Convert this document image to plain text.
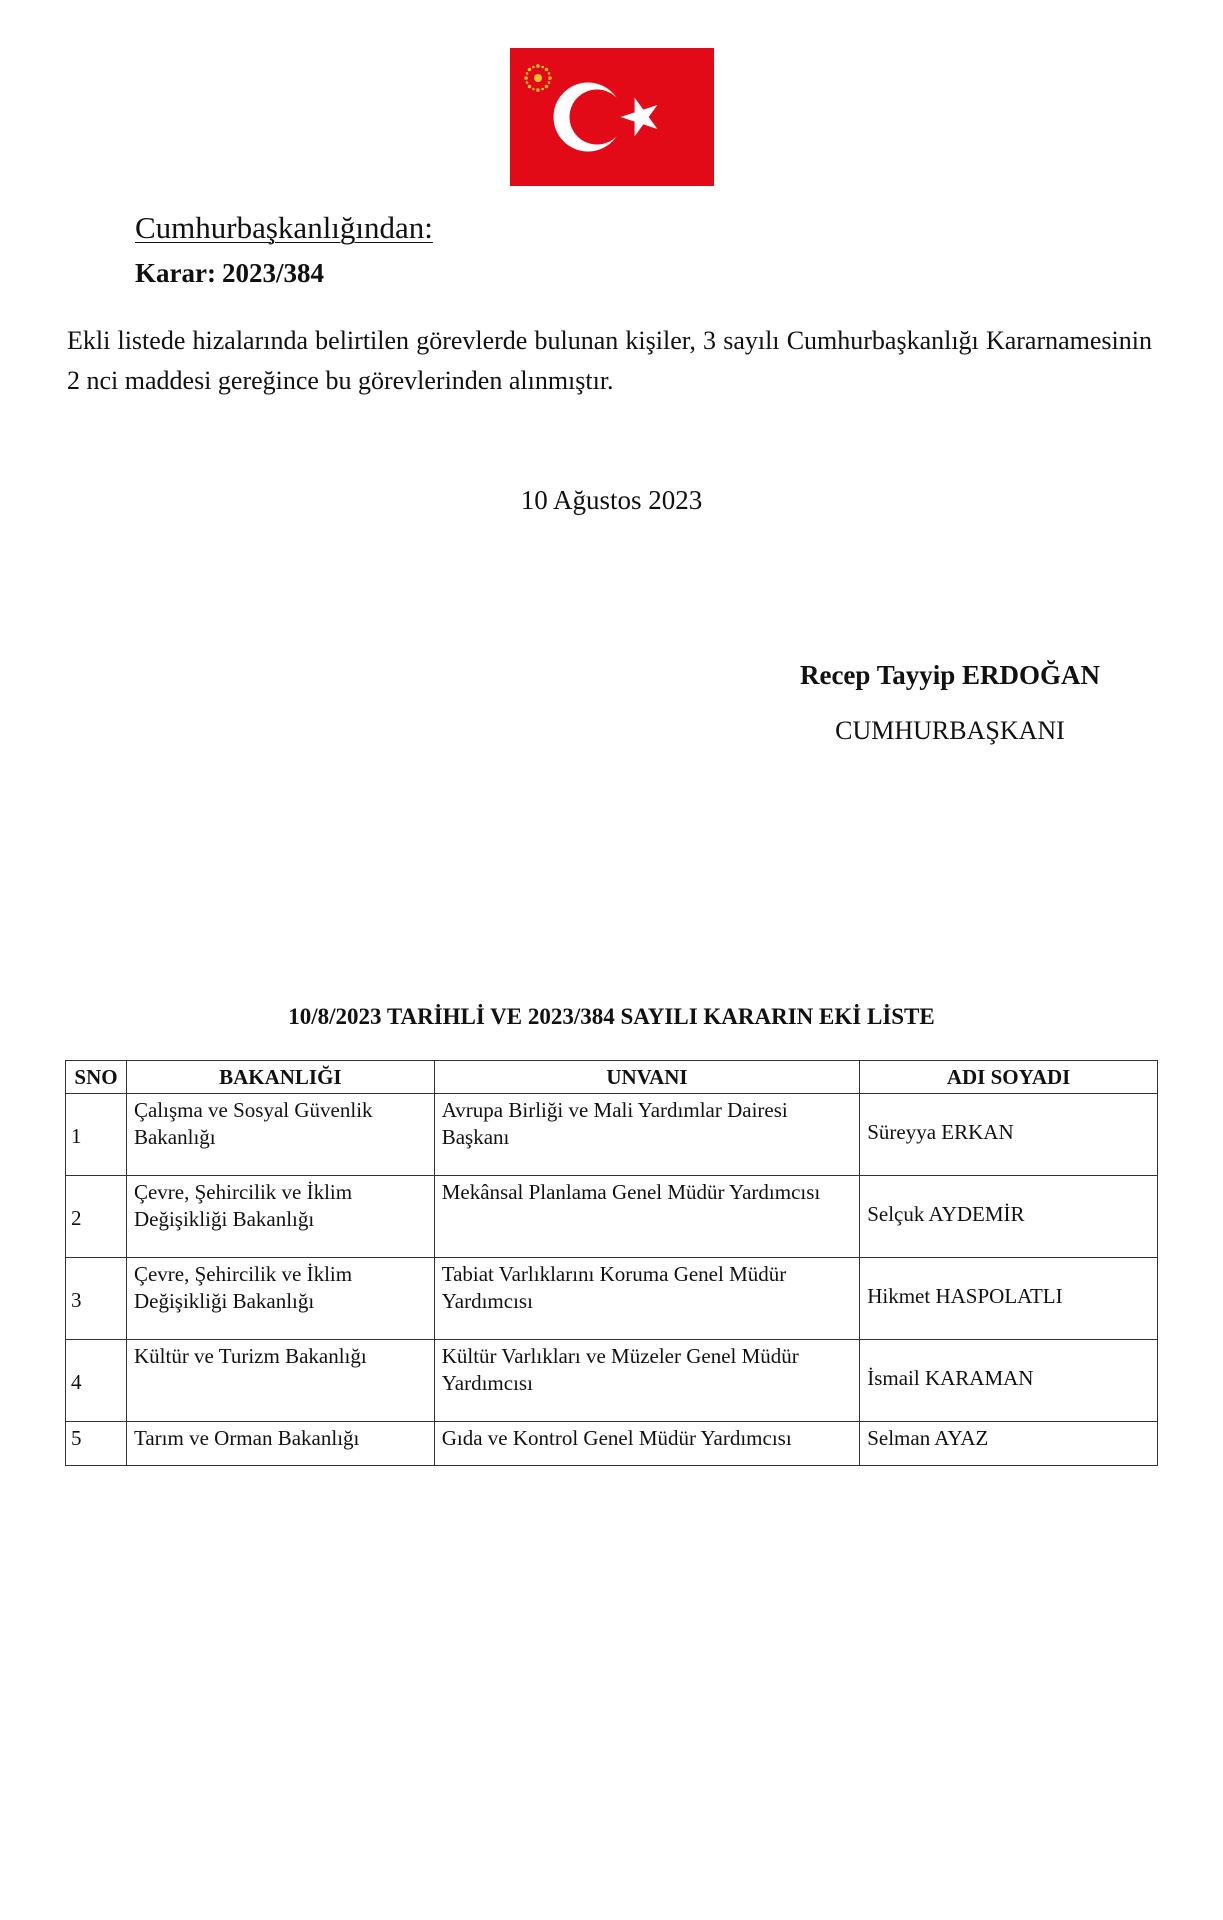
Cumhurbaşkanlığından:
Karar: 2023/384
Ekli listede hizalarında belirtilen görevlerde bulunan kişiler, 3 sayılı Cumhurbaşkanlığı Kararnamesinin 2 nci maddesi gereğince bu görevlerinden alınmıştır.
10 Ağustos 2023
Recep Tayyip ERDOĞAN
CUMHURBAŞKANI
10/8/2023 TARİHLİ VE 2023/384 SAYILI KARARIN EKİ LİSTE
SNO	BAKANLIĞI	UNVANI	ADI SOYADI
1	Çalışma ve Sosyal Güvenlik Bakanlığı	Avrupa Birliği ve Mali Yardımlar Dairesi Başkanı	Süreyya ERKAN
2	Çevre, Şehircilik ve İklim Değişikliği Bakanlığı	Mekânsal Planlama Genel Müdür Yardımcısı	Selçuk AYDEMİR
3	Çevre, Şehircilik ve İklim Değişikliği Bakanlığı	Tabiat Varlıklarını Koruma Genel Müdür Yardımcısı	Hikmet HASPOLATLI
4	Kültür ve Turizm Bakanlığı	Kültür Varlıkları ve Müzeler Genel Müdür Yardımcısı	İsmail KARAMAN
5	Tarım ve Orman Bakanlığı	Gıda ve Kontrol Genel Müdür Yardımcısı	Selman AYAZ
